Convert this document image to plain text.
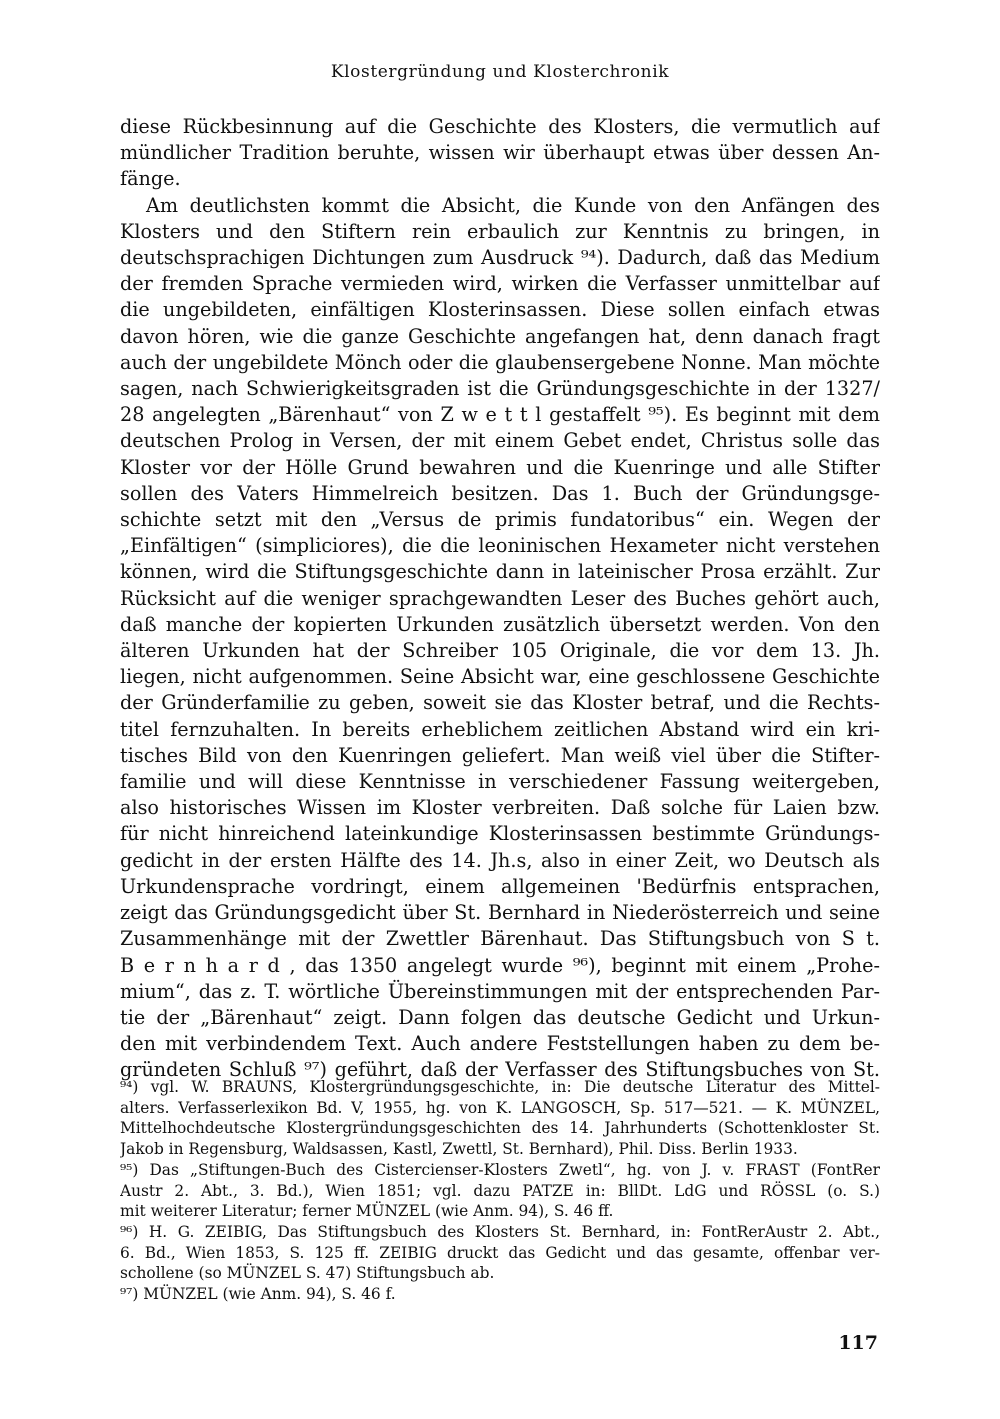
Klostergründung und Klosterchronik
diese Rückbesinnung auf die Geschichte des Klosters, die vermutlich auf
mündlicher Tradition beruhte, wissen wir überhaupt etwas über dessen An-
fänge.
Am deutlichsten kommt die Absicht, die Kunde von den Anfängen des
Klosters und den Stiftern rein erbaulich zur Kenntnis zu bringen, in
deutschsprachigen Dichtungen zum Ausdruck ⁹⁴). Dadurch, daß das Medium
der fremden Sprache vermieden wird, wirken die Verfasser unmittelbar auf
die ungebildeten, einfältigen Klosterinsassen. Diese sollen einfach etwas
davon hören, wie die ganze Geschichte angefangen hat, denn danach fragt
auch der ungebildete Mönch oder die glaubensergebene Nonne. Man möchte
sagen, nach Schwierigkeitsgraden ist die Gründungsgeschichte in der 1327/
28 angelegten „Bärenhaut“ von Z w e t t l gestaffelt ⁹⁵). Es beginnt mit dem
deutschen Prolog in Versen, der mit einem Gebet endet, Christus solle das
Kloster vor der Hölle Grund bewahren und die Kuenringe und alle Stifter
sollen des Vaters Himmelreich besitzen. Das 1. Buch der Gründungsge-
schichte setzt mit den „Versus de primis fundatoribus“ ein. Wegen der
„Einfältigen“ (simpliciores), die die leoninischen Hexameter nicht verstehen
können, wird die Stiftungsgeschichte dann in lateinischer Prosa erzählt. Zur
Rücksicht auf die weniger sprachgewandten Leser des Buches gehört auch,
daß manche der kopierten Urkunden zusätzlich übersetzt werden. Von den
älteren Urkunden hat der Schreiber 105 Originale, die vor dem 13. Jh.
liegen, nicht aufgenommen. Seine Absicht war, eine geschlossene Geschichte
der Gründerfamilie zu geben, soweit sie das Kloster betraf, und die Rechts-
titel fernzuhalten. In bereits erheblichem zeitlichen Abstand wird ein kri-
tisches Bild von den Kuenringen geliefert. Man weiß viel über die Stifter-
familie und will diese Kenntnisse in verschiedener Fassung weitergeben,
also historisches Wissen im Kloster verbreiten. Daß solche für Laien bzw.
für nicht hinreichend lateinkundige Klosterinsassen bestimmte Gründungs-
gedicht in der ersten Hälfte des 14. Jh.s, also in einer Zeit, wo Deutsch als
Urkundensprache vordringt, einem allgemeinen 'Bedürfnis entsprachen,
zeigt das Gründungsgedicht über St. Bernhard in Niederösterreich und seine
Zusammenhänge mit der Zwettler Bärenhaut. Das Stiftungsbuch von S t.
B e r n h a r d , das 1350 angelegt wurde ⁹⁶), beginnt mit einem „Prohe-
mium“, das z. T. wörtliche Übereinstimmungen mit der entsprechenden Par-
tie der „Bärenhaut“ zeigt. Dann folgen das deutsche Gedicht und Urkun-
den mit verbindendem Text. Auch andere Feststellungen haben zu dem be-
gründeten Schluß ⁹⁷) geführt, daß der Verfasser des Stiftungsbuches von St.
⁹⁴) vgl. W. BRAUNS, Klostergründungsgeschichte, in: Die deutsche Literatur des Mittel-
alters. Verfasserlexikon Bd. V, 1955, hg. von K. LANGOSCH, Sp. 517—521. — K. MÜNZEL,
Mittelhochdeutsche Klostergründungsgeschichten des 14. Jahrhunderts (Schottenkloster St.
Jakob in Regensburg, Waldsassen, Kastl, Zwettl, St. Bernhard), Phil. Diss. Berlin 1933.
⁹⁵) Das „Stiftungen-Buch des Cistercienser-Klosters Zwetl“, hg. von J. v. FRAST (FontRer
Austr 2. Abt., 3. Bd.), Wien 1851; vgl. dazu PATZE in: BllDt. LdG und RÖSSL (o. S.)
mit weiterer Literatur; ferner MÜNZEL (wie Anm. 94), S. 46 ff.
⁹⁶) H. G. ZEIBIG, Das Stiftungsbuch des Klosters St. Bernhard, in: FontRerAustr 2. Abt.,
6. Bd., Wien 1853, S. 125 ff. ZEIBIG druckt das Gedicht und das gesamte, offenbar ver-
schollene (so MÜNZEL S. 47) Stiftungsbuch ab.
⁹⁷) MÜNZEL (wie Anm. 94), S. 46 f.
117
